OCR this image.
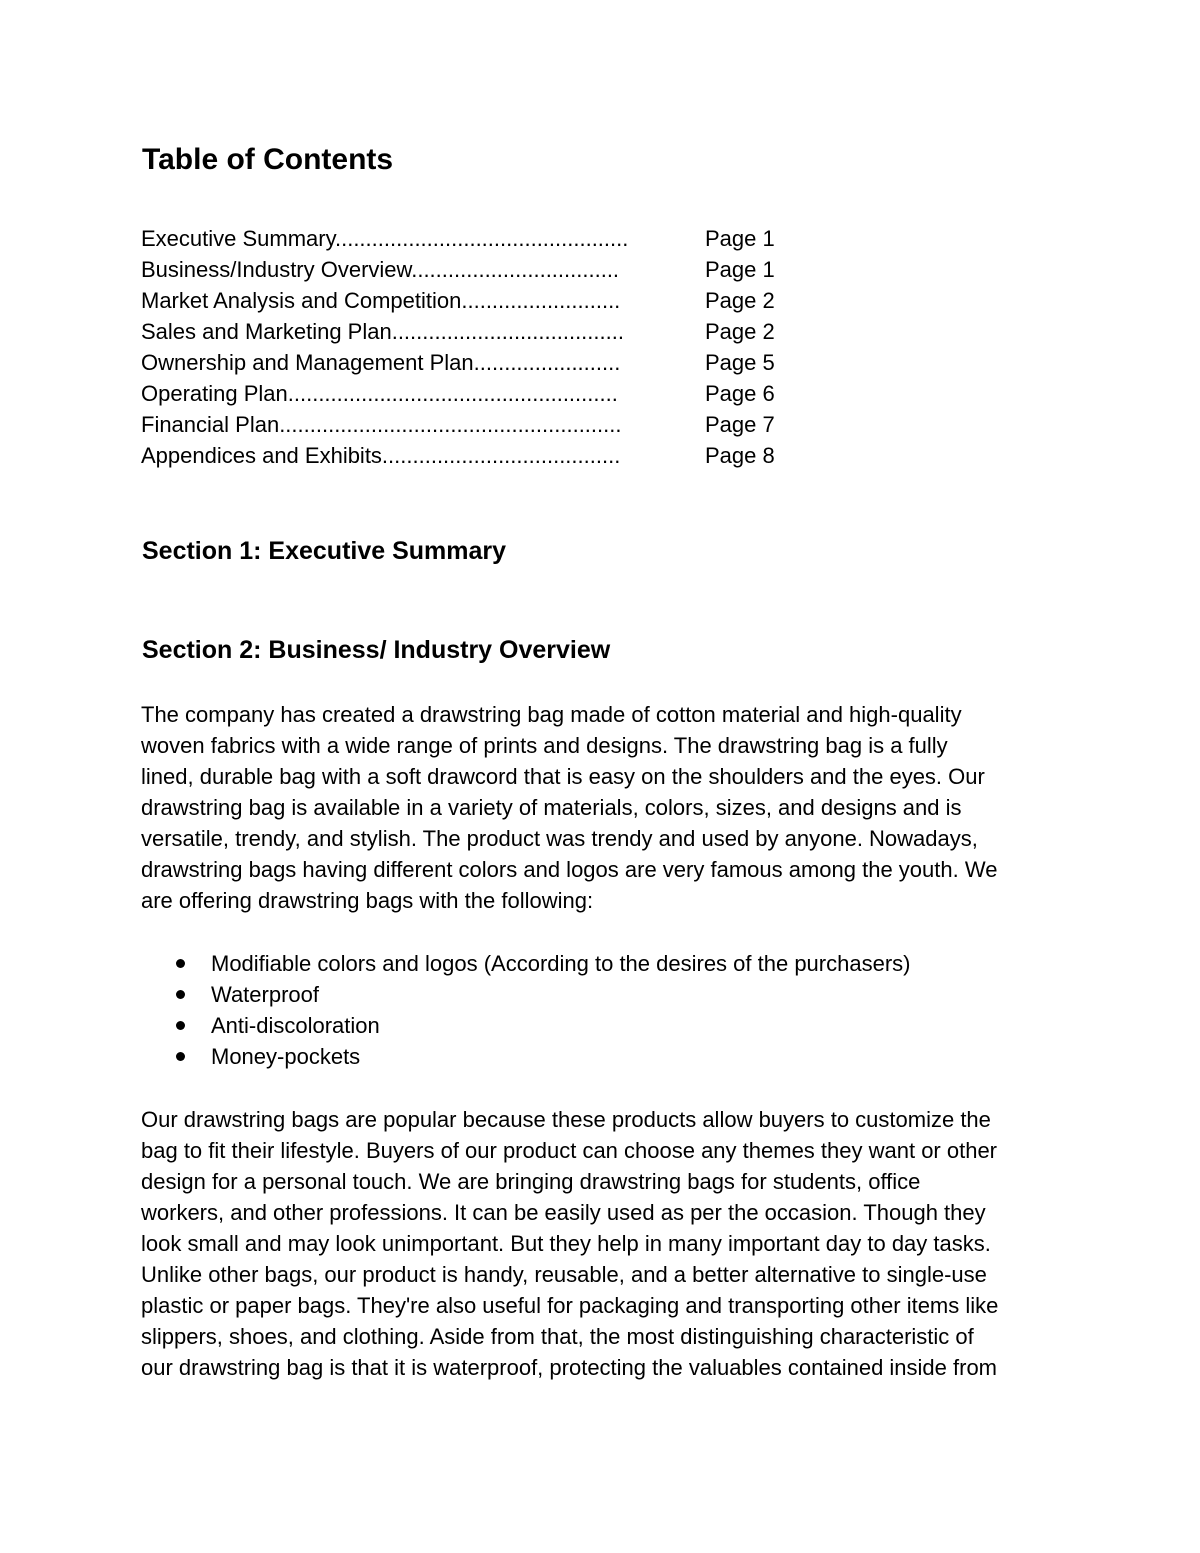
Table of Contents
Executive Summary................................................	Page 1
Business/Industry Overview..................................	Page 1
Market Analysis and Competition..........................	Page 2
Sales and Marketing Plan......................................	Page 2
Ownership and Management Plan........................	Page 5
Operating Plan......................................................	Page 6
Financial Plan........................................................	Page 7
Appendices and Exhibits.......................................	Page 8
Section 1: Executive Summary
Section 2: Business/ Industry Overview

The company has created a drawstring bag made of cotton material and high-quality
woven fabrics with a wide range of prints and designs. The drawstring bag is a fully
lined, durable bag with a soft drawcord that is easy on the shoulders and the eyes. Our
drawstring bag is available in a variety of materials, colors, sizes, and designs and is
versatile, trendy, and stylish. The product was trendy and used by anyone. Nowadays,
drawstring bags having different colors and logos are very famous among the youth. We
are offering drawstring bags with the following:

Modifiable colors and logos (According to the desires of the purchasers)
Waterproof
Anti-discoloration
Money-pockets

Our drawstring bags are popular because these products allow buyers to customize the
bag to fit their lifestyle. Buyers of our product can choose any themes they want or other
design for a personal touch. We are bringing drawstring bags for students, office
workers, and other professions. It can be easily used as per the occasion. Though they
look small and may look unimportant. But they help in many important day to day tasks.
Unlike other bags, our product is handy, reusable, and a better alternative to single-use
plastic or paper bags. They're also useful for packaging and transporting other items like
slippers, shoes, and clothing. Aside from that, the most distinguishing characteristic of
our drawstring bag is that it is waterproof, protecting the valuables contained inside from
